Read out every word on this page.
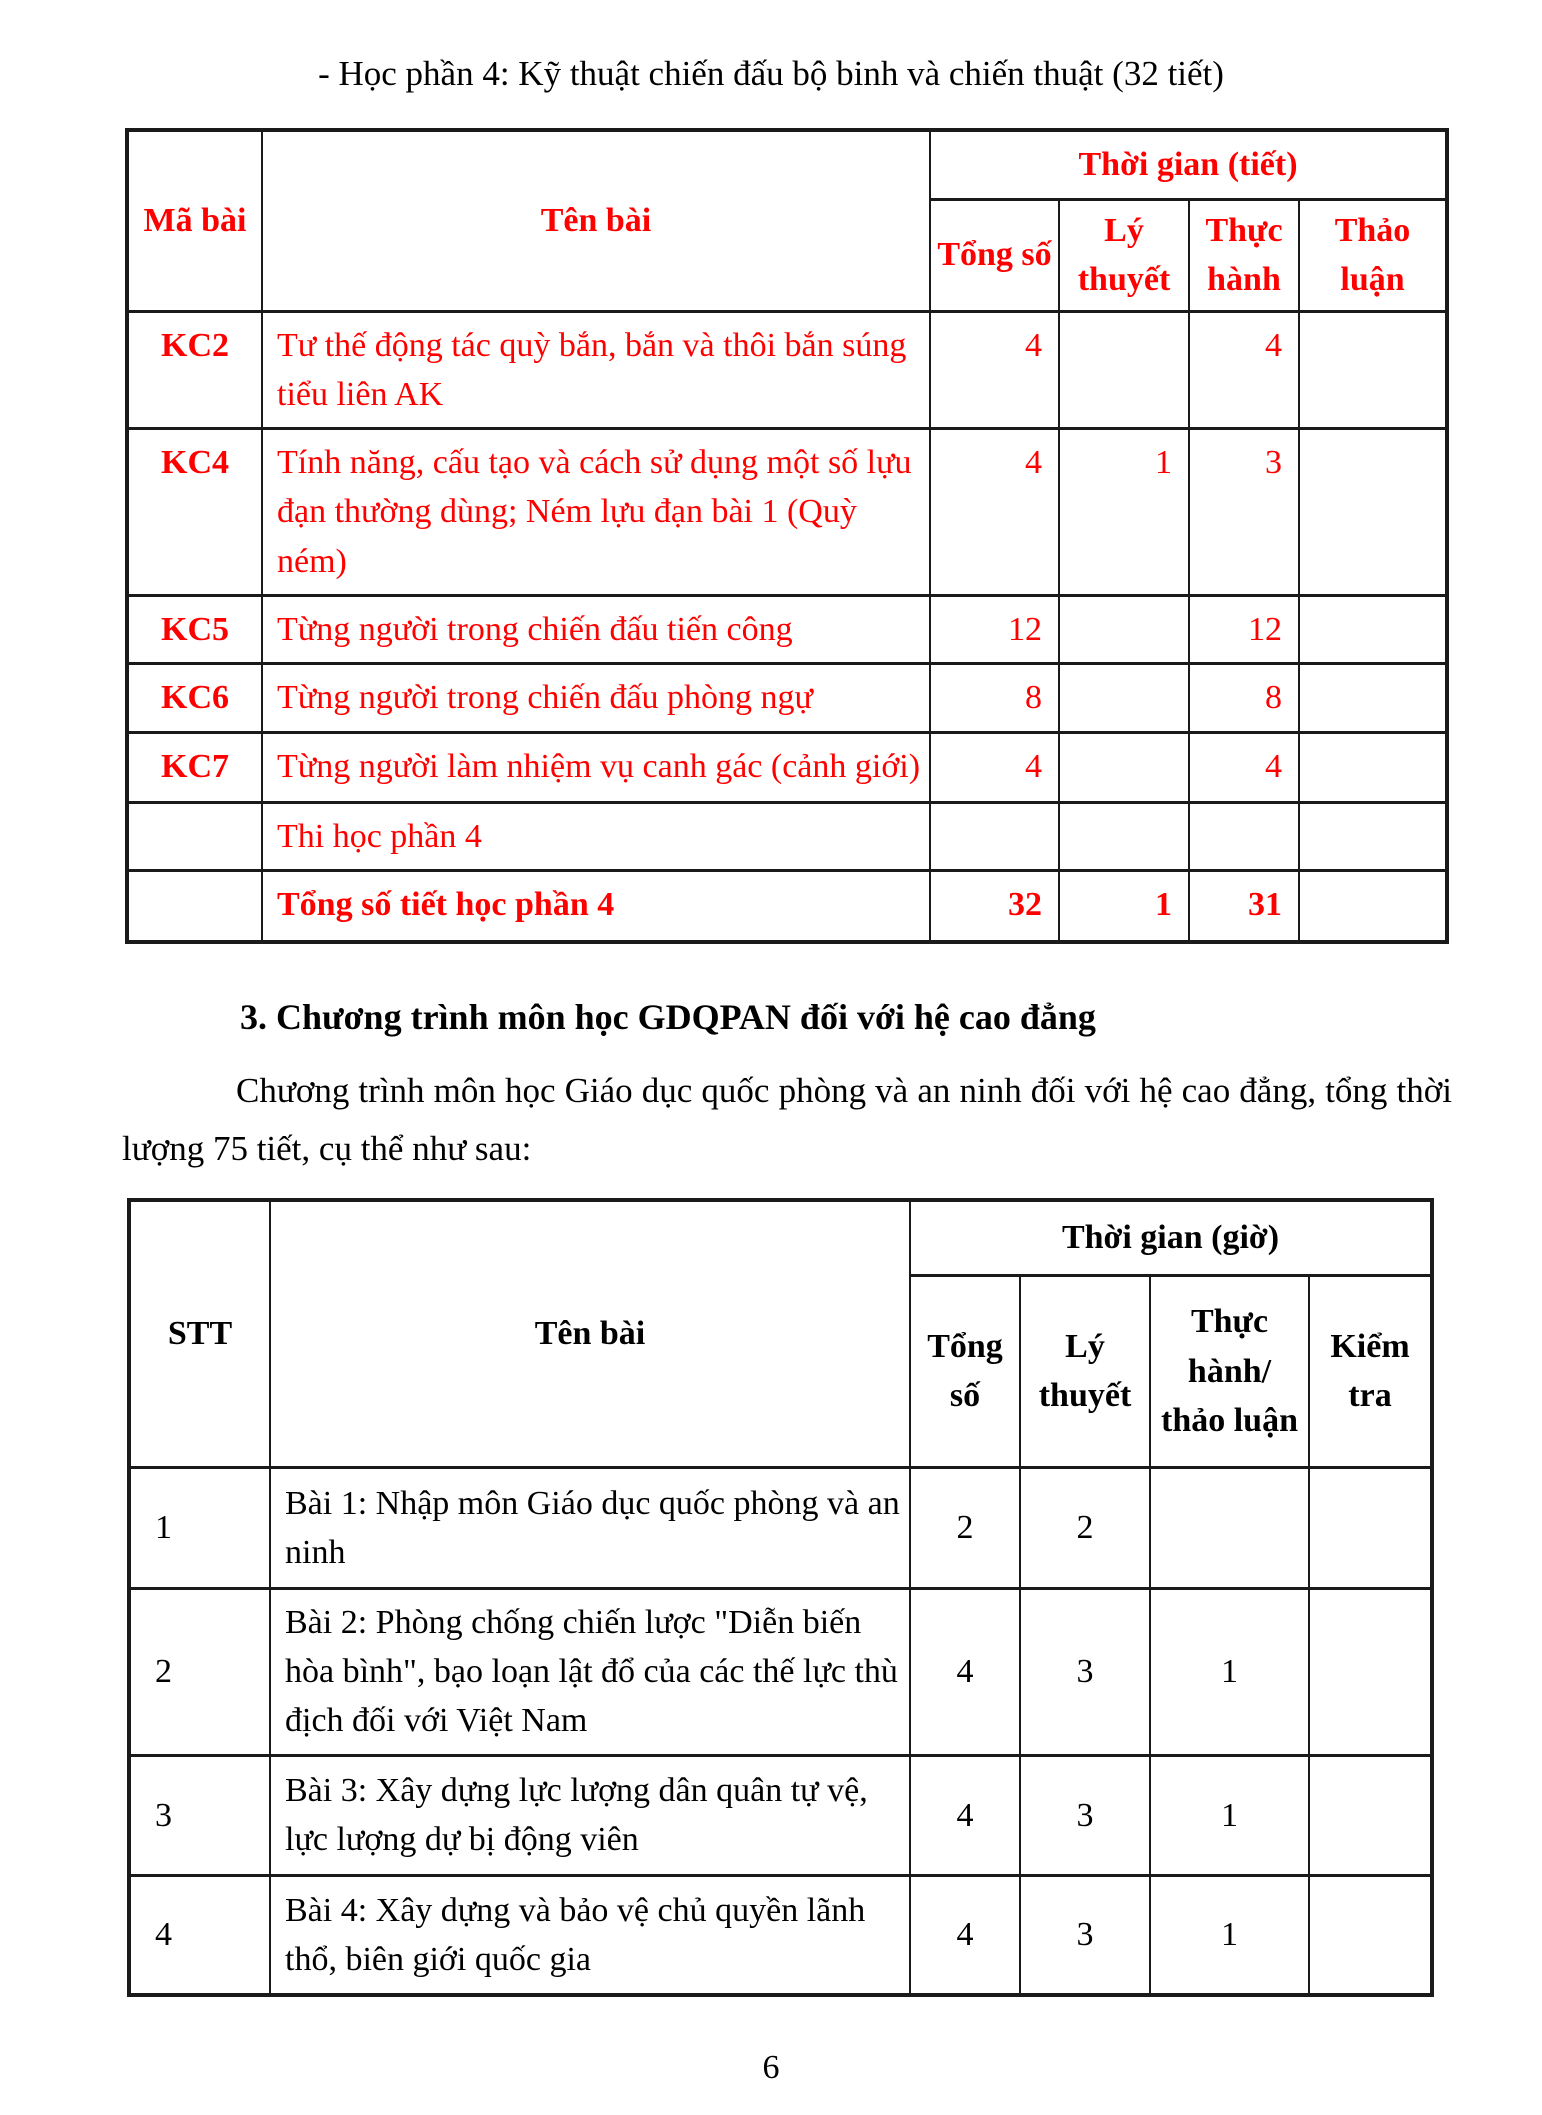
- Học phần 4: Kỹ thuật chiến đấu bộ binh và chiến thuật (32 tiết)
Mã bài	Tên bài	Thời gian (tiết)			
		Tổng số	Lý thuyết	Thực hành	Thảo luận
KC2	Tư thế động tác quỳ bắn, bắn và thôi bắn súng tiểu liên AK	4		4	
KC4	Tính năng, cấu tạo và cách sử dụng một số lựu đạn thường dùng; Ném lựu đạn bài 1 (Quỳ ném)	4	1	3	
KC5	Từng người trong chiến đấu tiến công	12		12	
KC6	Từng người trong chiến đấu phòng ngự	8		8	
KC7	Từng người làm nhiệm vụ canh gác (cảnh giới)	4		4	
	Thi học phần 4				
	Tổng số tiết học phần 4	32	1	31	
3. Chương trình môn học GDQPAN đối với hệ cao đẳng
Chương trình môn học Giáo dục quốc phòng và an ninh đối với hệ cao đẳng, tổng thời lượng 75 tiết, cụ thể như sau:
STT	Tên bài	Thời gian (giờ)			
		Tổng số	Lý thuyết	Thực hành/ thảo luận	Kiểm tra
1	Bài 1: Nhập môn Giáo dục quốc phòng và an ninh	2	2		
2	Bài 2: Phòng chống chiến lược "Diễn biến hòa bình", bạo loạn lật đổ của các thế lực thù địch đối với Việt Nam	4	3	1	
3	Bài 3: Xây dựng lực lượng dân quân tự vệ, lực lượng dự bị động viên	4	3	1	
4	Bài 4: Xây dựng và bảo vệ chủ quyền lãnh thổ, biên giới quốc gia	4	3	1	
6
